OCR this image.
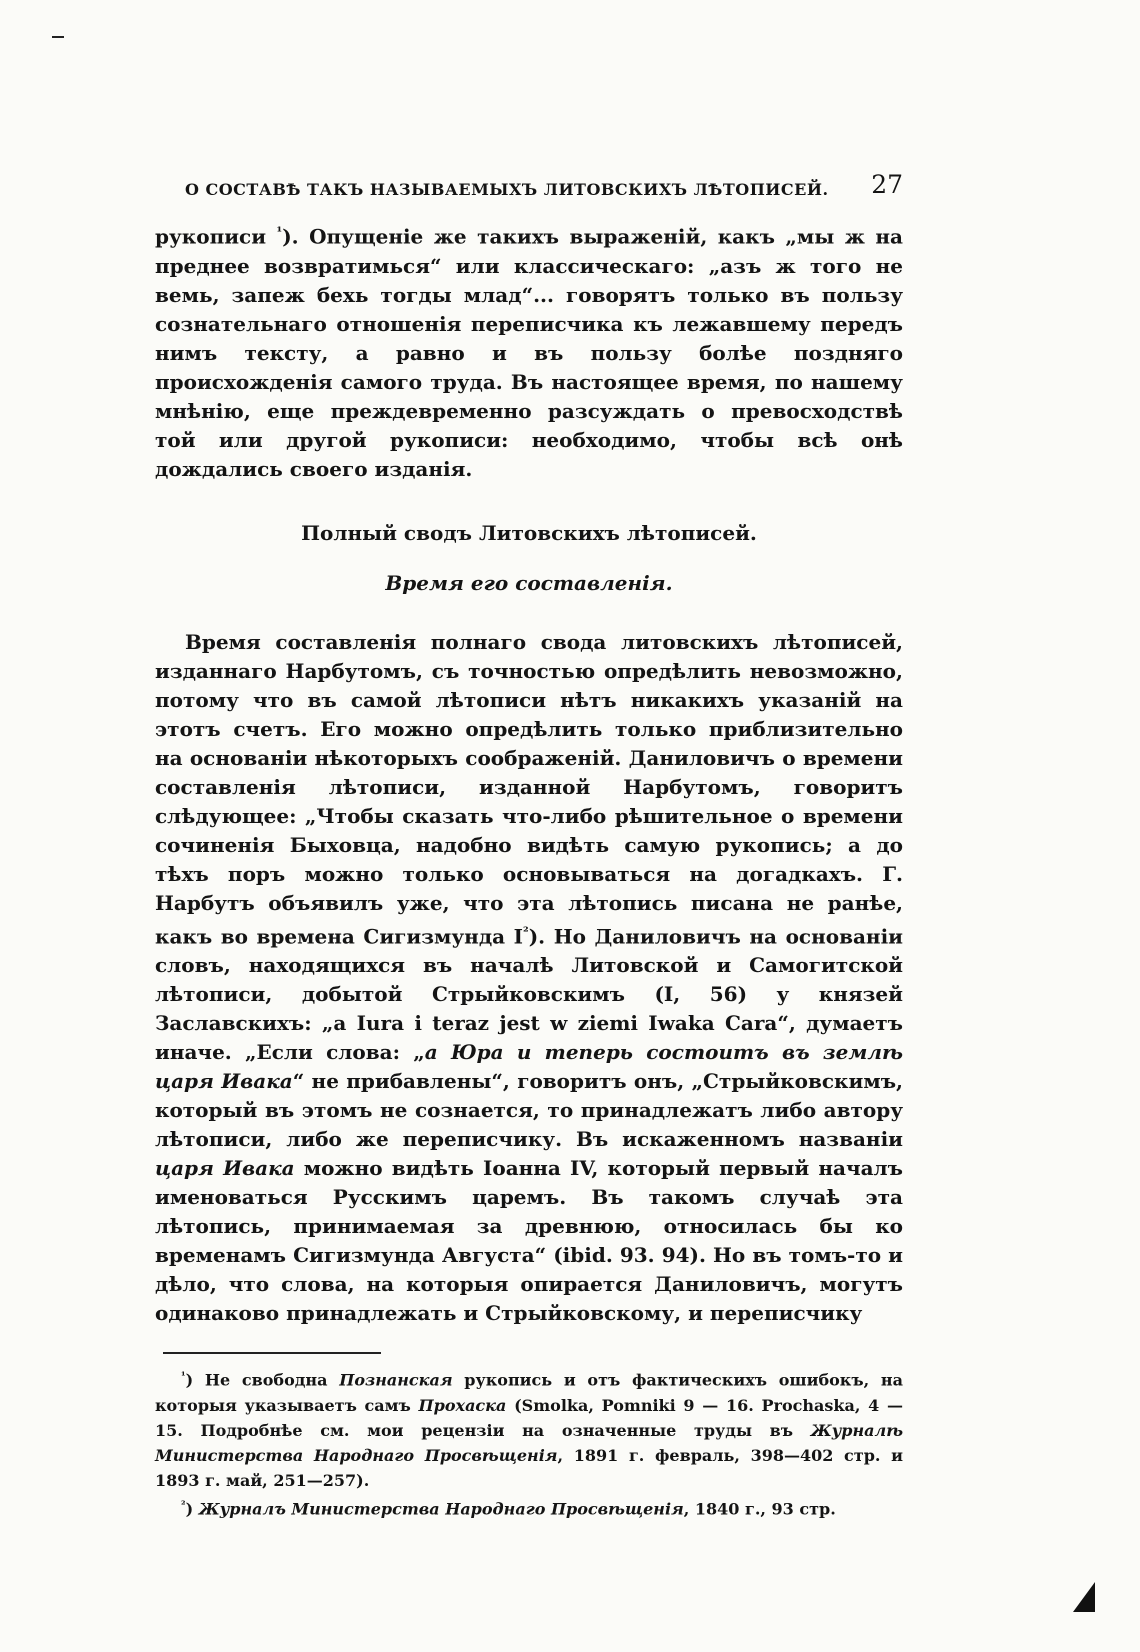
О СОСТАВѢ ТАКЪ НАЗЫВАЕМЫХЪ ЛИТОВСКИХЪ ЛѢТОПИСЕЙ. 27

рукописи $^{^1}$). Опущеніе же такихъ выраженій, какъ „мы ж на преднее возвратимься“ или классическаго: „азъ ж того не вемь, запеж бехь тогды млад“... говорятъ только въ пользу сознательнаго отношенія переписчика къ лежавшему передъ нимъ тексту, а равно и въ пользу болѣе поздняго происхожденія самого труда. Въ настоящее время, по нашему мнѣнію, еще преждевременно разсуждать о превосходствѣ той или другой рукописи: необходимо, чтобы всѣ онѣ дождались своего изданія.

Полный сводъ Литовскихъ лѣтописей.
Время его составленія.

Время составленія полнаго свода литовскихъ лѣтописей, изданнаго Нарбутомъ, съ точностью опредѣлить невозможно, потому что въ самой лѣтописи нѣтъ никакихъ указаній на этотъ счетъ. Его можно опредѣлить только приблизительно на основаніи нѣкоторыхъ соображеній. Даниловичъ о времени составленія лѣтописи, изданной Нарбутомъ, говоритъ слѣдующее: „Чтобы сказать что-либо рѣшительное о времени сочиненія Быховца, надобно видѣть самую рукопись; а до тѣхъ поръ можно только основываться на догадкахъ. Г. Нарбутъ объявилъ уже, что эта лѣтопись писана не ранѣе, какъ во времена Сигизмунда $I^{^2}$). Но Даниловичъ на основаніи словъ, находящихся въ началѣ Литовской и Самогитской лѣтописи, добытой Стрыйковскимъ (I, 56) у князей Заславскихъ: „a Iura i teraz jest w ziemi Iwaka Cara“, думаетъ иначе. „Если слова: „а Юра и теперь состоитъ въ землѣ царя Ивака“ не прибавлены“, говоритъ онъ, „Стрыйковскимъ, который въ этомъ не сознается, то принадлежатъ либо автору лѣтописи, либо же переписчику. Въ искаженномъ названіи царя Ивака можно видѣть Іоанна IV, который первый началъ именоваться Русскимъ царемъ. Въ такомъ случаѣ эта лѣтопись, принимаемая за древнюю, относилась бы ко временамъ Сигизмунда Августа“ (ibid. 93. 94). Но въ томъ-то и дѣло, что слова, на которыя опирается Даниловичъ, могутъ одинаково принадлежать и Стрыйковскому, и переписчику

$^{^1}$) Не свободна Познанская рукопись и отъ фактическихъ ошибокъ, на которыя указываетъ самъ Прохаска (Smolka, Pomniki 9 — 16. Prochaska, 4 — 15. Подробнѣе см. мои рецензіи на означенные труды въ Журналѣ Министерства Народнаго Просвѣщенія, 1891 г. февраль, 398—402 стр. и 1893 г. май, 251—257).

$^{^2}$) Журналъ Министерства Народнаго Просвѣщенія, 1840 г., 93 стр.
